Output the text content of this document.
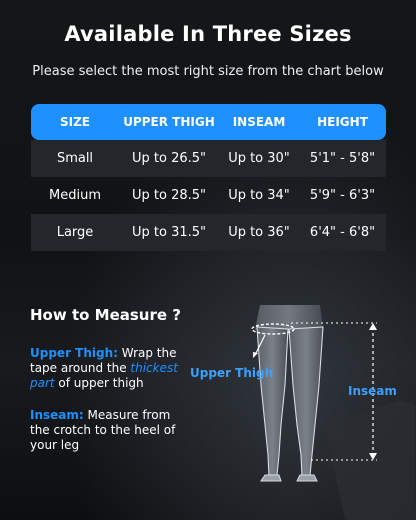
Available In Three Sizes
Please select the most right size from the chart below
SIZE	UPPER THIGH	INSEAM	HEIGHT
Small	Up to 26.5"	Up to 30"	5'1" - 5'8"
Medium	Up to 28.5"	Up to 34"	5'9" - 6'3"
Large	Up to 31.5"	Up to 36"	6'4" - 6'8"
How to Measure ?
Upper Thigh: Wrap the tape around the thickest part of upper thigh
Inseam: Measure from the crotch to the heel of your leg
Upper Thigh
Inseam
